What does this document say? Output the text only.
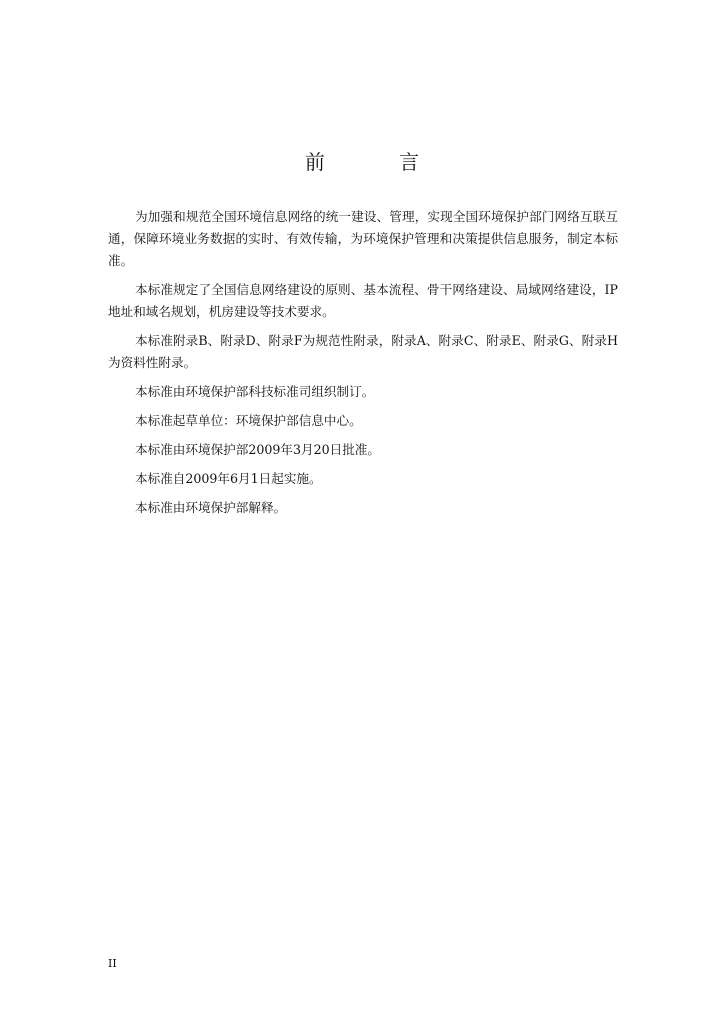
前 言

为加强和规范全国环境信息网络的统一建设、管理，实现全国环境保护部门网络互联互通，保障环境业务数据的实时、有效传输，为环境保护管理和决策提供信息服务，制定本标准。

本标准规定了全国信息网络建设的原则、基本流程、骨干网络建设、局域网络建设，IP地址和域名规划，机房建设等技术要求。

本标准附录B、附录D、附录F为规范性附录，附录A、附录C、附录E、附录G、附录H为资料性附录。

本标准由环境保护部科技标准司组织制订。

本标准起草单位：环境保护部信息中心。

本标准由环境保护部2009年3月20日批准。

本标准自2009年6月1日起实施。

本标准由环境保护部解释。

II
